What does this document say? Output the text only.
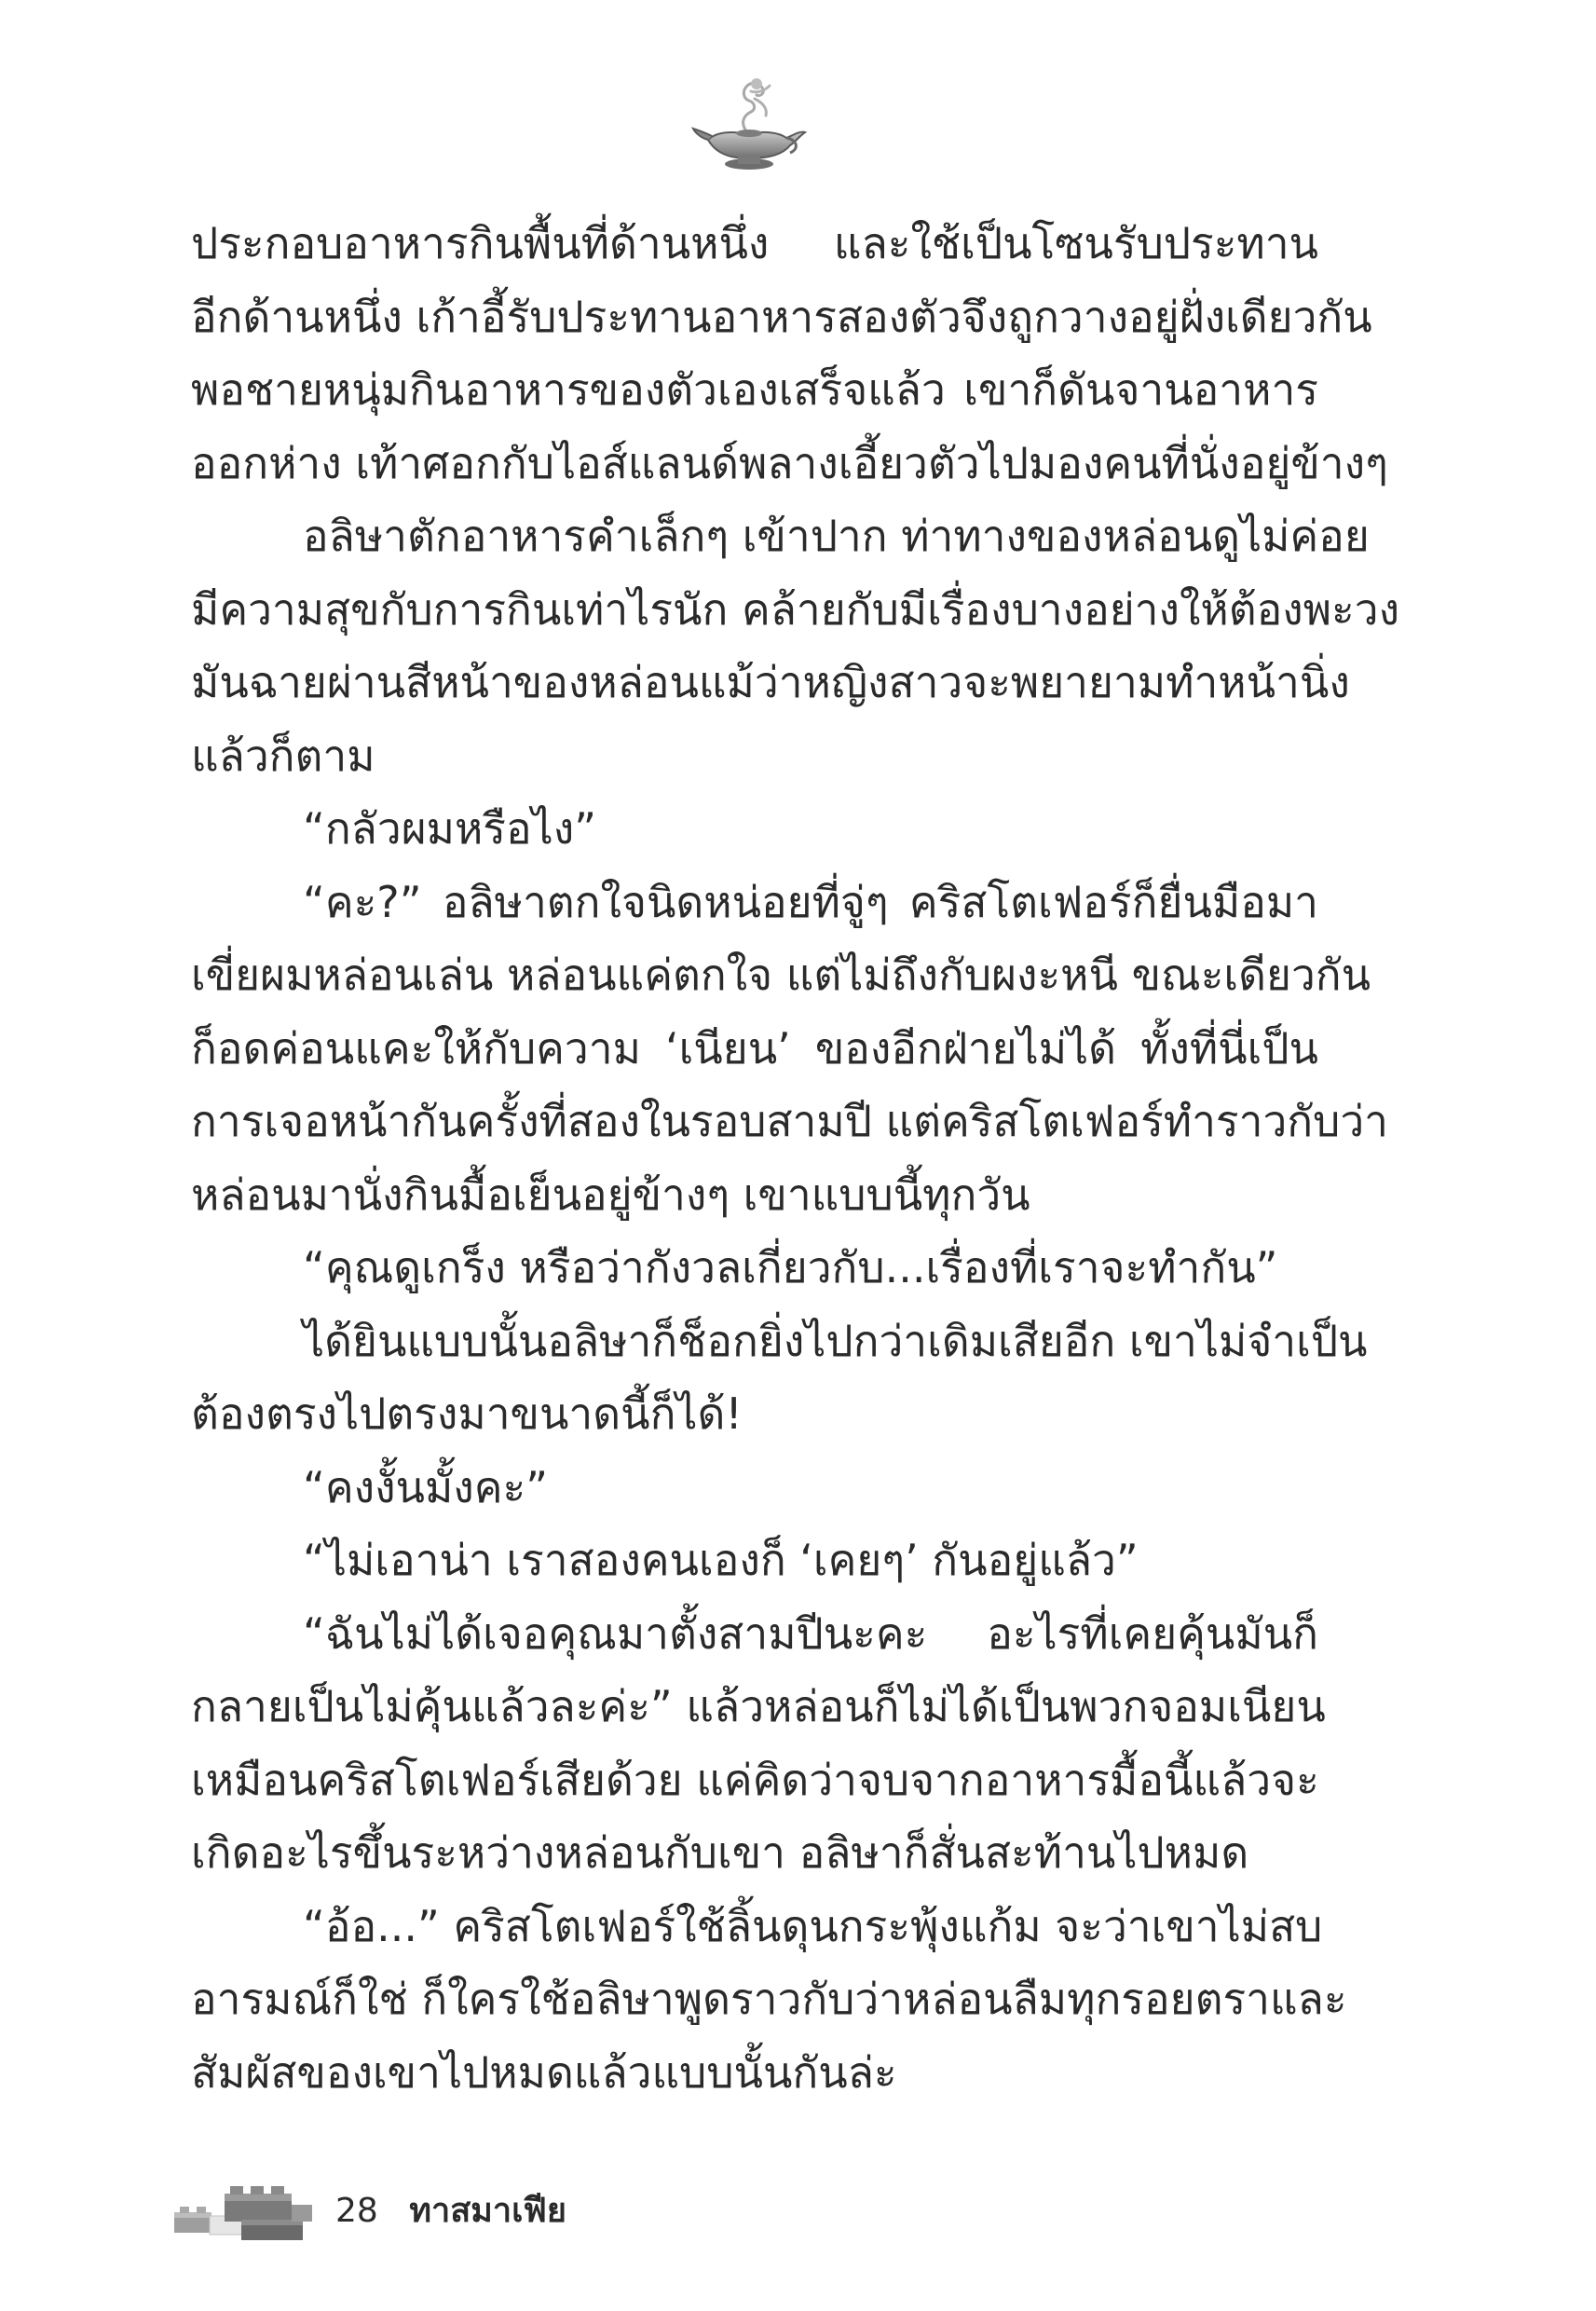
ประกอบอาหารกินพื้นที่ด้านหนึ่ง และใช้เป็นโซนรับประทาน
อีกด้านหนึ่ง เก้าอี้รับประทานอาหารสองตัวจึงถูกวางอยู่ฝั่งเดียวกัน
พอชายหนุ่มกินอาหารของตัวเองเสร็จแล้ว เขาก็ดันจานอาหาร
ออกห่าง เท้าศอกกับไอส์แลนด์พลางเอี้ยวตัวไปมองคนที่นั่งอยู่ข้างๆ
อลิษาตักอาหารคำเล็กๆ เข้าปาก ท่าทางของหล่อนดูไม่ค่อย
มีความสุขกับการกินเท่าไรนัก คล้ายกับมีเรื่องบางอย่างให้ต้องพะวง
มันฉายผ่านสีหน้าของหล่อนแม้ว่าหญิงสาวจะพยายามทำหน้านิ่ง
แล้วก็ตาม
“กลัวผมหรือไง”
“คะ?” อลิษาตกใจนิดหน่อยที่จู่ๆ คริสโตเฟอร์ก็ยื่นมือมา
เขี่ยผมหล่อนเล่น หล่อนแค่ตกใจ แต่ไม่ถึงกับผงะหนี ขณะเดียวกัน
ก็อดค่อนแคะให้กับความ ‘เนียน’ ของอีกฝ่ายไม่ได้ ทั้งที่นี่เป็น
การเจอหน้ากันครั้งที่สองในรอบสามปี แต่คริสโตเฟอร์ทำราวกับว่า
หล่อนมานั่งกินมื้อเย็นอยู่ข้างๆ เขาแบบนี้ทุกวัน
“คุณดูเกร็ง หรือว่ากังวลเกี่ยวกับ...เรื่องที่เราจะทำกัน”
ได้ยินแบบนั้นอลิษาก็ช็อกยิ่งไปกว่าเดิมเสียอีก เขาไม่จำเป็น
ต้องตรงไปตรงมาขนาดนี้ก็ได้!
“คงงั้นมั้งคะ”
“ไม่เอาน่า เราสองคนเองก็ ‘เคยๆ’ กันอยู่แล้ว”
“ฉันไม่ได้เจอคุณมาตั้งสามปีนะคะ อะไรที่เคยคุ้นมันก็
กลายเป็นไม่คุ้นแล้วละค่ะ” แล้วหล่อนก็ไม่ได้เป็นพวกจอมเนียน
เหมือนคริสโตเฟอร์เสียด้วย แค่คิดว่าจบจากอาหารมื้อนี้แล้วจะ
เกิดอะไรขึ้นระหว่างหล่อนกับเขา อลิษาก็สั่นสะท้านไปหมด
“อ้อ...” คริสโตเฟอร์ใช้ลิ้นดุนกระพุ้งแก้ม จะว่าเขาไม่สบ
อารมณ์ก็ใช่ ก็ใครใช้อลิษาพูดราวกับว่าหล่อนลืมทุกรอยตราและ
สัมผัสของเขาไปหมดแล้วแบบนั้นกันล่ะ
28 ทาสมาเฟีย
